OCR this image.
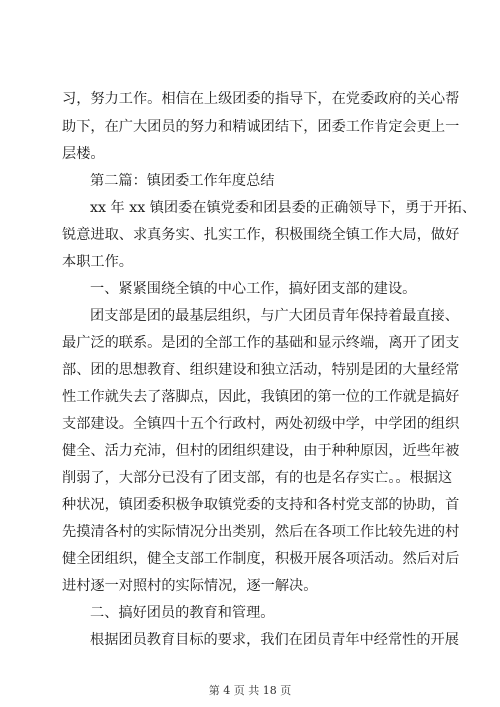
习，努力工作。相信在上级团委的指导下，在党委政府的关心帮
助下，在广大团员的努力和精诚团结下，团委工作肯定会更上一
层楼。
第二篇：镇团委工作年度总结
xx 年 xx 镇团委在镇党委和团县委的正确领导下，勇于开拓、
锐意进取、求真务实、扎实工作，积极围绕全镇工作大局，做好
本职工作。
一、紧紧围绕全镇的中心工作，搞好团支部的建设。
团支部是团的最基层组织，与广大团员青年保持着最直接、
最广泛的联系。是团的全部工作的基础和显示终端，离开了团支
部、团的思想教育、组织建设和独立活动，特别是团的大量经常
性工作就失去了落脚点，因此，我镇团的第一位的工作就是搞好
支部建设。全镇四十五个行政村，两处初级中学，中学团的组织
健全、活力充沛，但村的团组织建设，由于种种原因，近些年被
削弱了，大部分已没有了团支部，有的也是名存实亡。。根据这
种状况，镇团委积极争取镇党委的支持和各村党支部的协助，首
先摸清各村的实际情况分出类别，然后在各项工作比较先进的村
健全团组织，健全支部工作制度，积极开展各项活动。然后对后
进村逐一对照村的实际情况，逐一解决。
二、搞好团员的教育和管理。
根据团员教育目标的要求，我们在团员青年中经常性的开展
第 4 页 共 18 页
